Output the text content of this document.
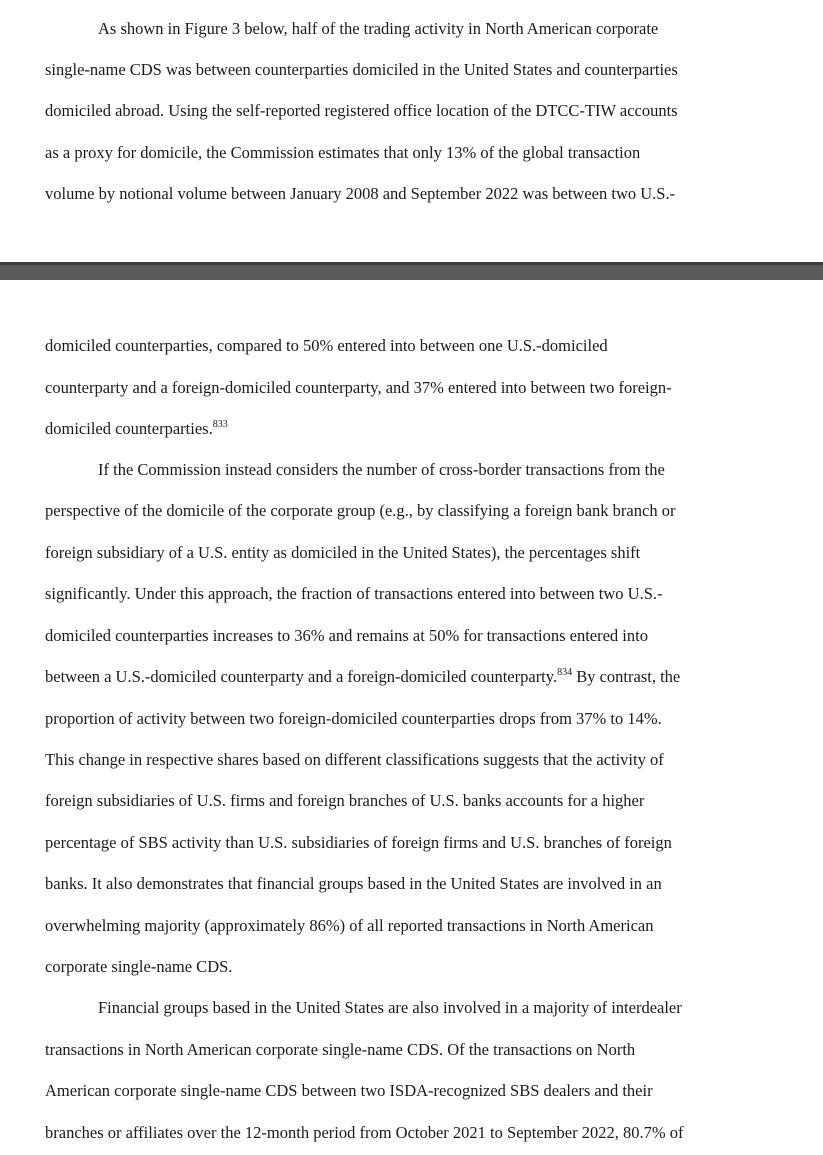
As shown in Figure 3 below, half of the trading activity in North American corporate
single-name CDS was between counterparties domiciled in the United States and counterparties
domiciled abroad. Using the self-reported registered office location of the DTCC-TIW accounts
as a proxy for domicile, the Commission estimates that only 13% of the global transaction
volume by notional volume between January 2008 and September 2022 was between two U.S.-
domiciled counterparties, compared to 50% entered into between one U.S.-domiciled
counterparty and a foreign-domiciled counterparty, and 37% entered into between two foreign-
domiciled counterparties.$^{833}$
If the Commission instead considers the number of cross-border transactions from the
perspective of the domicile of the corporate group (e.g., by classifying a foreign bank branch or
foreign subsidiary of a U.S. entity as domiciled in the United States), the percentages shift
significantly. Under this approach, the fraction of transactions entered into between two U.S.-
domiciled counterparties increases to 36% and remains at 50% for transactions entered into
between a U.S.-domiciled counterparty and a foreign-domiciled counterparty.$^{834}$ By contrast, the
proportion of activity between two foreign-domiciled counterparties drops from 37% to 14%.
This change in respective shares based on different classifications suggests that the activity of
foreign subsidiaries of U.S. firms and foreign branches of U.S. banks accounts for a higher
percentage of SBS activity than U.S. subsidiaries of foreign firms and U.S. branches of foreign
banks. It also demonstrates that financial groups based in the United States are involved in an
overwhelming majority (approximately 86%) of all reported transactions in North American
corporate single-name CDS.
Financial groups based in the United States are also involved in a majority of interdealer
transactions in North American corporate single-name CDS. Of the transactions on North
American corporate single-name CDS between two ISDA-recognized SBS dealers and their
branches or affiliates over the 12-month period from October 2021 to September 2022, 80.7% of
